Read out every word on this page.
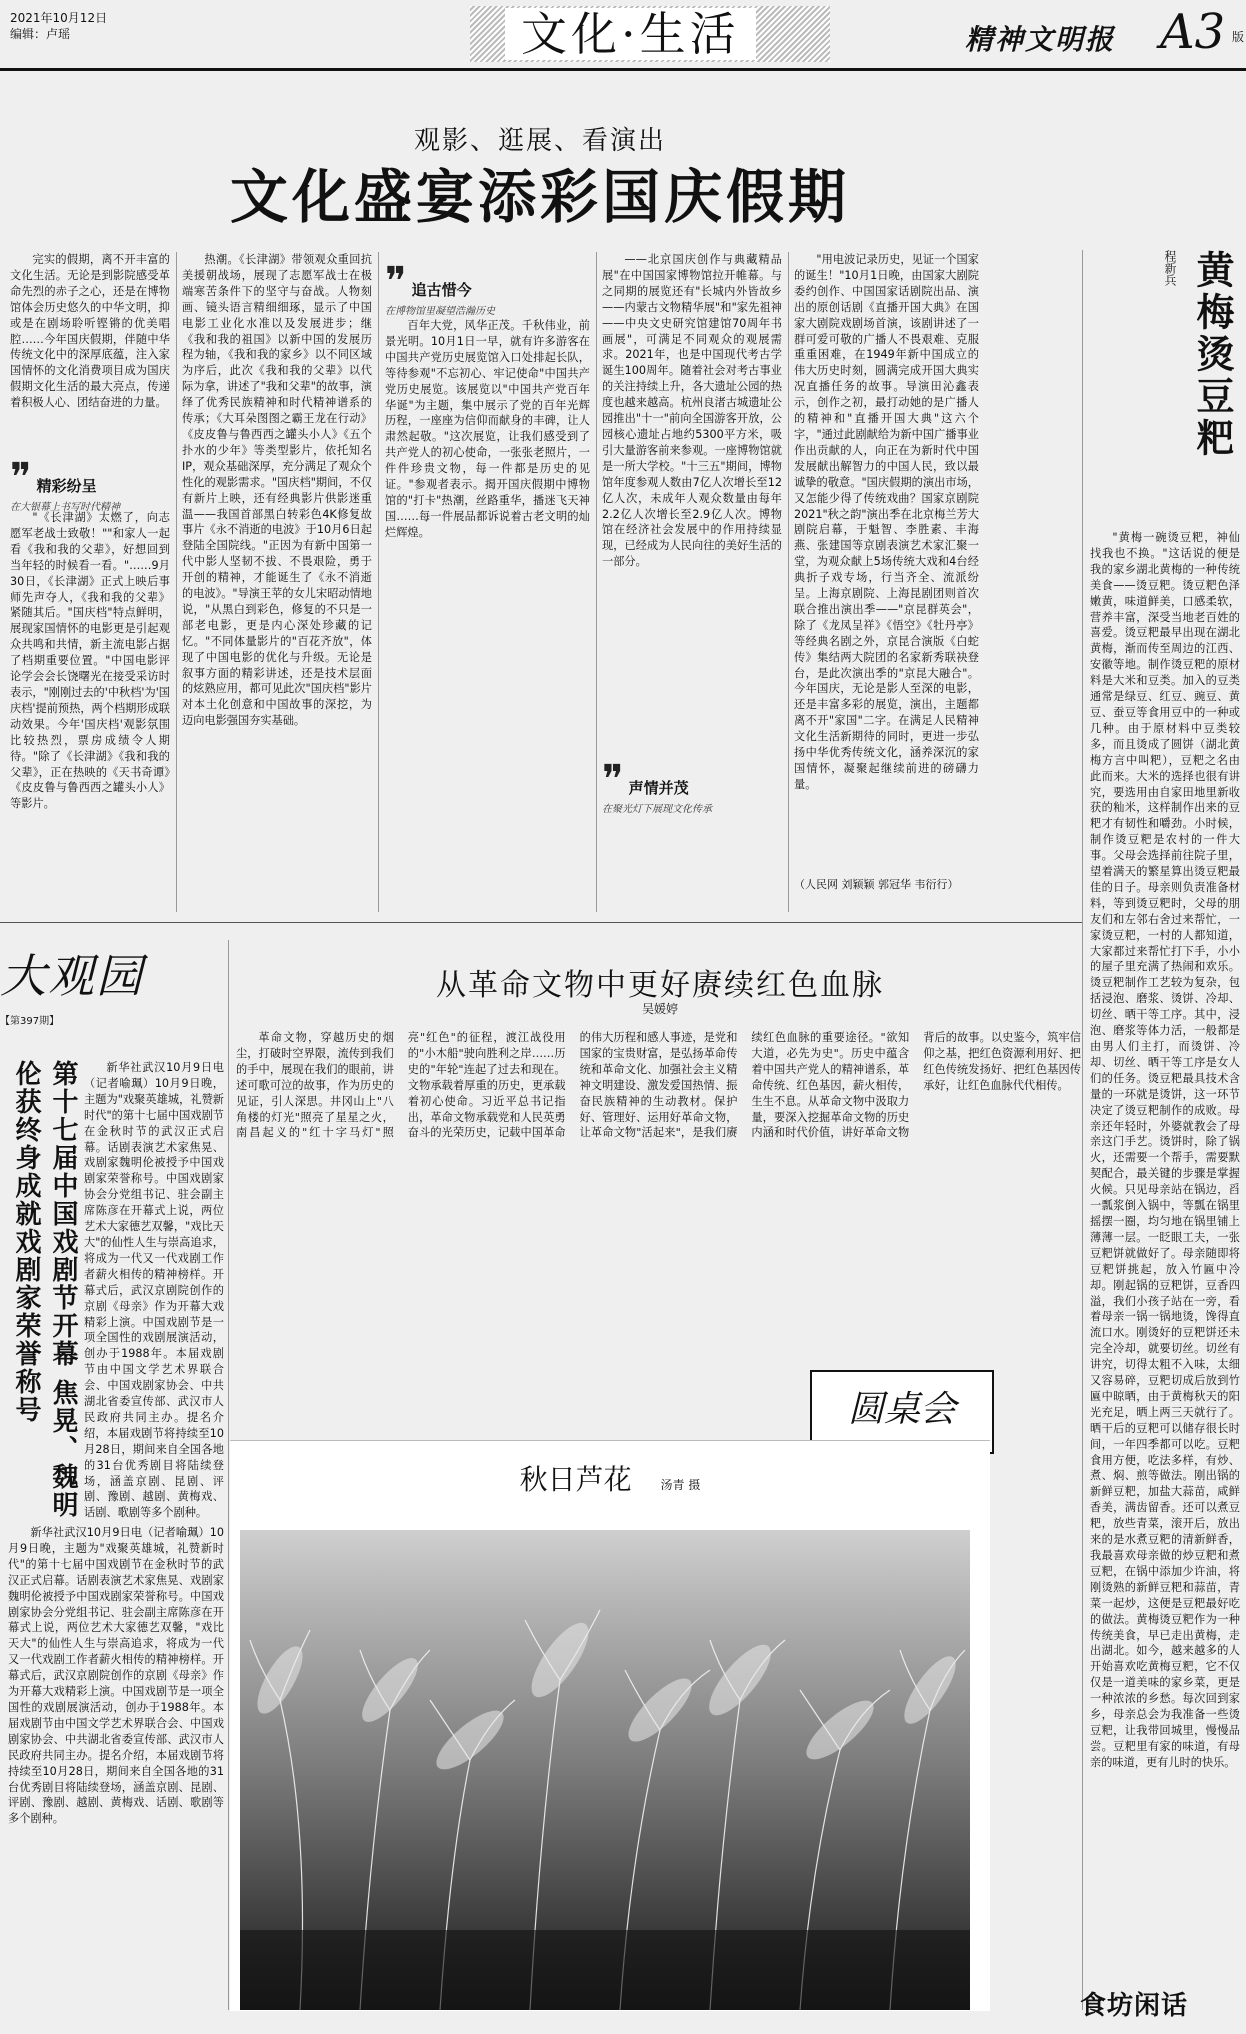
2021年10月12日
编辑：卢瑶	文化·生活	精神文明报 A3 版
观影、逛展、看演出
文化盛宴添彩国庆假期

完实的假期，离不开丰富的文化生活。无论是到影院感受革命先烈的赤子之心，还是在博物馆体会历史悠久的中华文明，抑或是在剧场聆听铿锵的优美唱腔……今年国庆假期，伴随中华传统文化中的深厚底蕴，注入家国情怀的文化消费项目成为国庆假期文化生活的最大亮点，传递着积极人心、团结奋进的力量。

❞ 精彩纷呈
在大银幕上书写时代精神

"《长津湖》太燃了，向志愿军老战士致敬！""和家人一起看《我和我的父辈》，好想回到当年轻的时候看一看。"……9月30日，《长津湖》正式上映后事师先声夺人，《我和我的父辈》紧随其后。"国庆档"特点鲜明，展现家国情怀的电影更是引起观众共鸣和共情，新主流电影占据了档期重要位置。"中国电影评论学会会长饶曙光在接受采访时表示，"刚刚过去的'中秋档'为'国庆档'提前预热，两个档期形成联动效果。今年'国庆档'观影氛围比较热烈，票房成绩令人期待。"除了《长津湖》《我和我的父辈》，正在热映的《天书奇谭》《皮皮鲁与鲁西西之罐头小人》等影片。

热潮。《长津湖》带领观众重回抗美援朝战场，展现了志愿军战士在极端寒苦条件下的坚守与奋战。人物刻画、镜头语言精细细琢，显示了中国电影工业化水准以及发展进步；继《我和我的祖国》以新中国的发展历程为轴，《我和我的家乡》以不同区域为序后，此次《我和我的父辈》以代际为拿，讲述了"我和父辈"的故事，演绎了优秀民族精神和时代精神谱系的传承；《大耳朵图图之霸王龙在行动》《皮皮鲁与鲁西西之罐头小人》《五个扑水的少年》等类型影片，依托知名IP，观众基础深厚，充分满足了观众个性化的观影需求。"国庆档"期间，不仅有新片上映，还有经典影片供影迷重温——我国首部黑白转彩色4K修复故事片《永不消逝的电波》于10月6日起登陆全国院线。"正因为有新中国第一代中影人坚韧不拔、不畏艰险，勇于开创的精神，才能诞生了《永不消逝的电波》。"导演王苹的女儿宋昭动情地说，"从黑白到彩色，修复的不只是一部老电影，更是内心深处珍藏的记忆。"不同体量影片的"百花齐放"，体现了中国电影的优化与升级。无论是叙事方面的精彩讲述，还是技术层面的炫熟应用，都可见此次"国庆档"影片对本土化创意和中国故事的深挖，为迈向电影强国夯实基础。

❞ 追古惜今
在博物馆里凝望浩瀚历史

百年大党，风华正茂。千秋伟业，前景光明。10月1日一早，就有许多游客在中国共产党历史展览馆入口处排起长队，等待参观"不忘初心、牢记使命"中国共产党历史展览。该展览以"中国共产党百年华诞"为主题，集中展示了党的百年光辉历程，一座座为信仰而献身的丰碑，让人肃然起敬。"这次展览，让我们感受到了共产党人的初心使命，一张张老照片，一件件珍贵文物，每一件都是历史的见证。"参观者表示。揭开国庆假期中博物馆的"打卡"热潮，丝路重华，播迷飞天神国……每一件展品都诉说着古老文明的灿烂辉煌。

——北京国庆创作与典藏精品展"在中国国家博物馆拉开帷幕。与之同期的展览还有"长城内外皆故乡——内蒙古文物精华展"和"家先祖神——中央文史研究馆建馆70周年书画展"，可满足不同观众的观展需求。2021年，也是中国现代考古学诞生100周年。随着社会对考古事业的关注持续上升，各大遗址公园的热度也越来越高。杭州良渚古城遗址公园推出"十一"前向全国游客开放，公园核心遗址占地约5300平方米，吸引大量游客前来参观。一座博物馆就是一所大学校。"十三五"期间，博物馆年度参观人数由7亿人次增长至12亿人次，未成年人观众数量由每年2.2亿人次增长至2.9亿人次。博物馆在经济社会发展中的作用持续显现，已经成为人民向往的美好生活的一部分。

❞ 声情并茂
在聚光灯下展现文化传承

"用电波记录历史，见证一个国家的诞生！"10月1日晚，由国家大剧院委约创作、中国国家话剧院出品、演出的原创话剧《直播开国大典》在国家大剧院戏剧场首演，该剧讲述了一群可爱可敬的广播人不畏艰难、克服重重困难，在1949年新中国成立的伟大历史时刻，圆满完成开国大典实况直播任务的故事。导演田沁鑫表示，创作之初，最打动她的是广播人的精神和"直播开国大典"这六个字，"通过此剧献给为新中国广播事业作出贡献的人，向正在为新时代中国发展献出解智力的中国人民，致以最诚挚的敬意。"国庆假期的演出市场，又怎能少得了传统戏曲？国家京剧院2021"秋之韵"演出季在北京梅兰芳大剧院启幕，于魁智、李胜素、丰海燕、张建国等京剧表演艺术家汇聚一堂，为观众献上5场传统大戏和4台经典折子戏专场，行当齐全、流派纷呈。上海京剧院、上海昆剧团则首次联合推出演出季——"京昆群英会"，除了《龙凤呈祥》《悟空》《牡丹亭》等经典名剧之外，京昆合演版《白蛇传》集结两大院团的名家新秀联袂登台，是此次演出季的"京昆大融合"。今年国庆，无论是影人至深的电影，还是丰富多彩的展览，演出，主题都离不开"家国"二字。在满足人民精神文化生活新期待的同时，更进一步弘扬中华优秀传统文化，涵养深沉的家国情怀，凝聚起继续前进的磅礴力量。

（人民网 刘颖颖 郭冠华 韦衍行）
程新兵 黄梅烫豆粑

"黄梅一碗烫豆粑，神仙找我也不换。"这话说的便是我的家乡湖北黄梅的一种传统美食——烫豆粑。烫豆粑色泽嫩黄，味道鲜美，口感柔软，营养丰富，深受当地老百姓的喜爱。烫豆粑最早出现在湖北黄梅，渐而传至周边的江西、安徽等地。制作烫豆粑的原材料是大米和豆类。加入的豆类通常是绿豆、红豆、豌豆、黄豆、蚕豆等食用豆中的一种或几种。由于原材料中豆类较多，而且烫成了圆饼（湖北黄梅方言中叫粑），豆粑之名由此而来。大米的选择也很有讲究，要选用由自家田地里新收获的籼米，这样制作出来的豆粑才有韧性和嚼劲。小时候，制作烫豆粑是农村的一件大事。父母会选择前往院子里，望着满天的繁星算出烫豆粑最佳的日子。母亲则负责准备材料，等到烫豆粑时，父母的朋友们和左邻右舍过来帮忙，一家烫豆粑，一村的人都知道，大家都过来帮忙打下手，小小的屋子里充满了热闹和欢乐。烫豆粑制作工艺较为复杂，包括浸泡、磨浆、烫饼、冷却、切丝、晒干等工序。其中，浸泡、磨浆等体力活，一般都是由男人们主打，而烫饼、冷却、切丝、晒干等工序是女人们的任务。烫豆粑最具技术含量的一环就是烫饼，这一环节决定了烫豆粑制作的成败。母亲还年轻时，外婆就教会了母亲这门手艺。烫饼时，除了锅火，还需要一个帮手，需要默契配合，最关键的步骤是掌握火候。只见母亲站在锅边，舀一瓢浆倒入锅中，等瓢在锅里摇摆一圈，均匀地在锅里铺上薄薄一层。一眨眼工夫，一张豆粑饼就做好了。母亲随即将豆粑饼挑起，放入竹匾中冷却。刚起锅的豆粑饼，豆香四溢，我们小孩子站在一旁，看着母亲一锅一锅地烫，馋得直流口水。刚烫好的豆粑饼还未完全冷却，就要切丝。切丝有讲究，切得太粗不入味，太细又容易碎，豆粑切成后放到竹匾中晾晒，由于黄梅秋天的阳光充足，晒上两三天就行了。晒干后的豆粑可以储存很长时间，一年四季都可以吃。豆粑食用方便，吃法多样，有炒、煮、焖、煎等做法。刚出锅的新鲜豆粑，加盐大蒜苗，咸鲜香美，满齿留香。还可以煮豆粑，放些青菜，滚开后，放出来的是水煮豆粑的清新鲜香，我最喜欢母亲做的炒豆粑和煮豆粑，在锅中添加少许油，将刚烫熟的新鲜豆粑和蒜苗，青菜一起炒，这便是豆粑最好吃的做法。黄梅烫豆粑作为一种传统美食，早已走出黄梅，走出湖北。如今，越来越多的人开始喜欢吃黄梅豆粑，它不仅仅是一道美味的家乡菜，更是一种浓浓的乡愁。每次回到家乡，母亲总会为我准备一些烫豆粑，让我带回城里，慢慢品尝。豆粑里有家的味道，有母亲的味道，更有儿时的快乐。

大观园
【第397期】
第十七届中国戏剧节开幕 焦晃、魏明伦获终身成就戏剧家荣誉称号	新华社武汉10月9日电（记者喻珮）10月9日晚，主题为"戏聚英雄城，礼赞新时代"的第十七届中国戏剧节在金秋时节的武汉正式启幕。话剧表演艺术家焦晃、戏剧家魏明伦被授予中国戏剧家荣誉称号。中国戏剧家协会分党组书记、驻会副主席陈彦在开幕式上说，两位艺术大家德艺双馨，"戏比天大"的仙性人生与崇高追求，将成为一代又一代戏剧工作者薪火相传的精神榜样。开幕式后，武汉京剧院创作的京剧《母亲》作为开幕大戏精彩上演。中国戏剧节是一项全国性的戏剧展演活动，创办于1988年。本届戏剧节由中国文学艺术界联合会、中国戏剧家协会、中共湖北省委宣传部、武汉市人民政府共同主办。提名介绍，本届戏剧节将持续至10月28日，期间来自全国各地的31台优秀剧目将陆续登场，涵盖京剧、昆剧、评剧、豫剧、越剧、黄梅戏、话剧、歌剧等多个剧种。

新华社武汉10月9日电（记者喻珮）10月9日晚，主题为"戏聚英雄城，礼赞新时代"的第十七届中国戏剧节在金秋时节的武汉正式启幕。话剧表演艺术家焦晃、戏剧家魏明伦被授予中国戏剧家荣誉称号。中国戏剧家协会分党组书记、驻会副主席陈彦在开幕式上说，两位艺术大家德艺双馨，"戏比天大"的仙性人生与崇高追求，将成为一代又一代戏剧工作者薪火相传的精神榜样。开幕式后，武汉京剧院创作的京剧《母亲》作为开幕大戏精彩上演。中国戏剧节是一项全国性的戏剧展演活动，创办于1988年。本届戏剧节由中国文学艺术界联合会、中国戏剧家协会、中共湖北省委宣传部、武汉市人民政府共同主办。提名介绍，本届戏剧节将持续至10月28日，期间来自全国各地的31台优秀剧目将陆续登场，涵盖京剧、昆剧、评剧、豫剧、越剧、黄梅戏、话剧、歌剧等多个剧种。

从革命文物中更好赓续红色血脉
吴媛婷

革命文物，穿越历史的烟尘，打破时空界限，流传到我们的手中，展现在我们的眼前，讲述可歌可泣的故事，作为历史的见证，引人深思。井冈山上"八角楼的灯光"照亮了星星之火，南昌起义的"红十字马灯"照亮"红色"的征程，渡江战役用的"小木船"驶向胜利之岸……历史的"年轮"连起了过去和现在。文物承载着厚重的历史，更承载着初心使命。习近平总书记指出，革命文物承载党和人民英勇奋斗的光荣历史，记载中国革命的伟大历程和感人事迹，是党和国家的宝贵财富，是弘扬革命传统和革命文化、加强社会主义精神文明建设、激发爱国热情、振奋民族精神的生动教材。保护好、管理好、运用好革命文物，让革命文物"活起来"，是我们赓续红色血脉的重要途径。"欲知大道，必先为史"。历史中蕴含着中国共产党人的精神谱系，革命传统、红色基因，薪火相传，生生不息。从革命文物中汲取力量，要深入挖掘革命文物的历史内涵和时代价值，讲好革命文物背后的故事。以史鉴今，筑牢信仰之基，把红色资源利用好、把红色传统发扬好、把红色基因传承好，让红色血脉代代相传。

圆桌会
秋日芦花 汤青 摄
食坊闲话
